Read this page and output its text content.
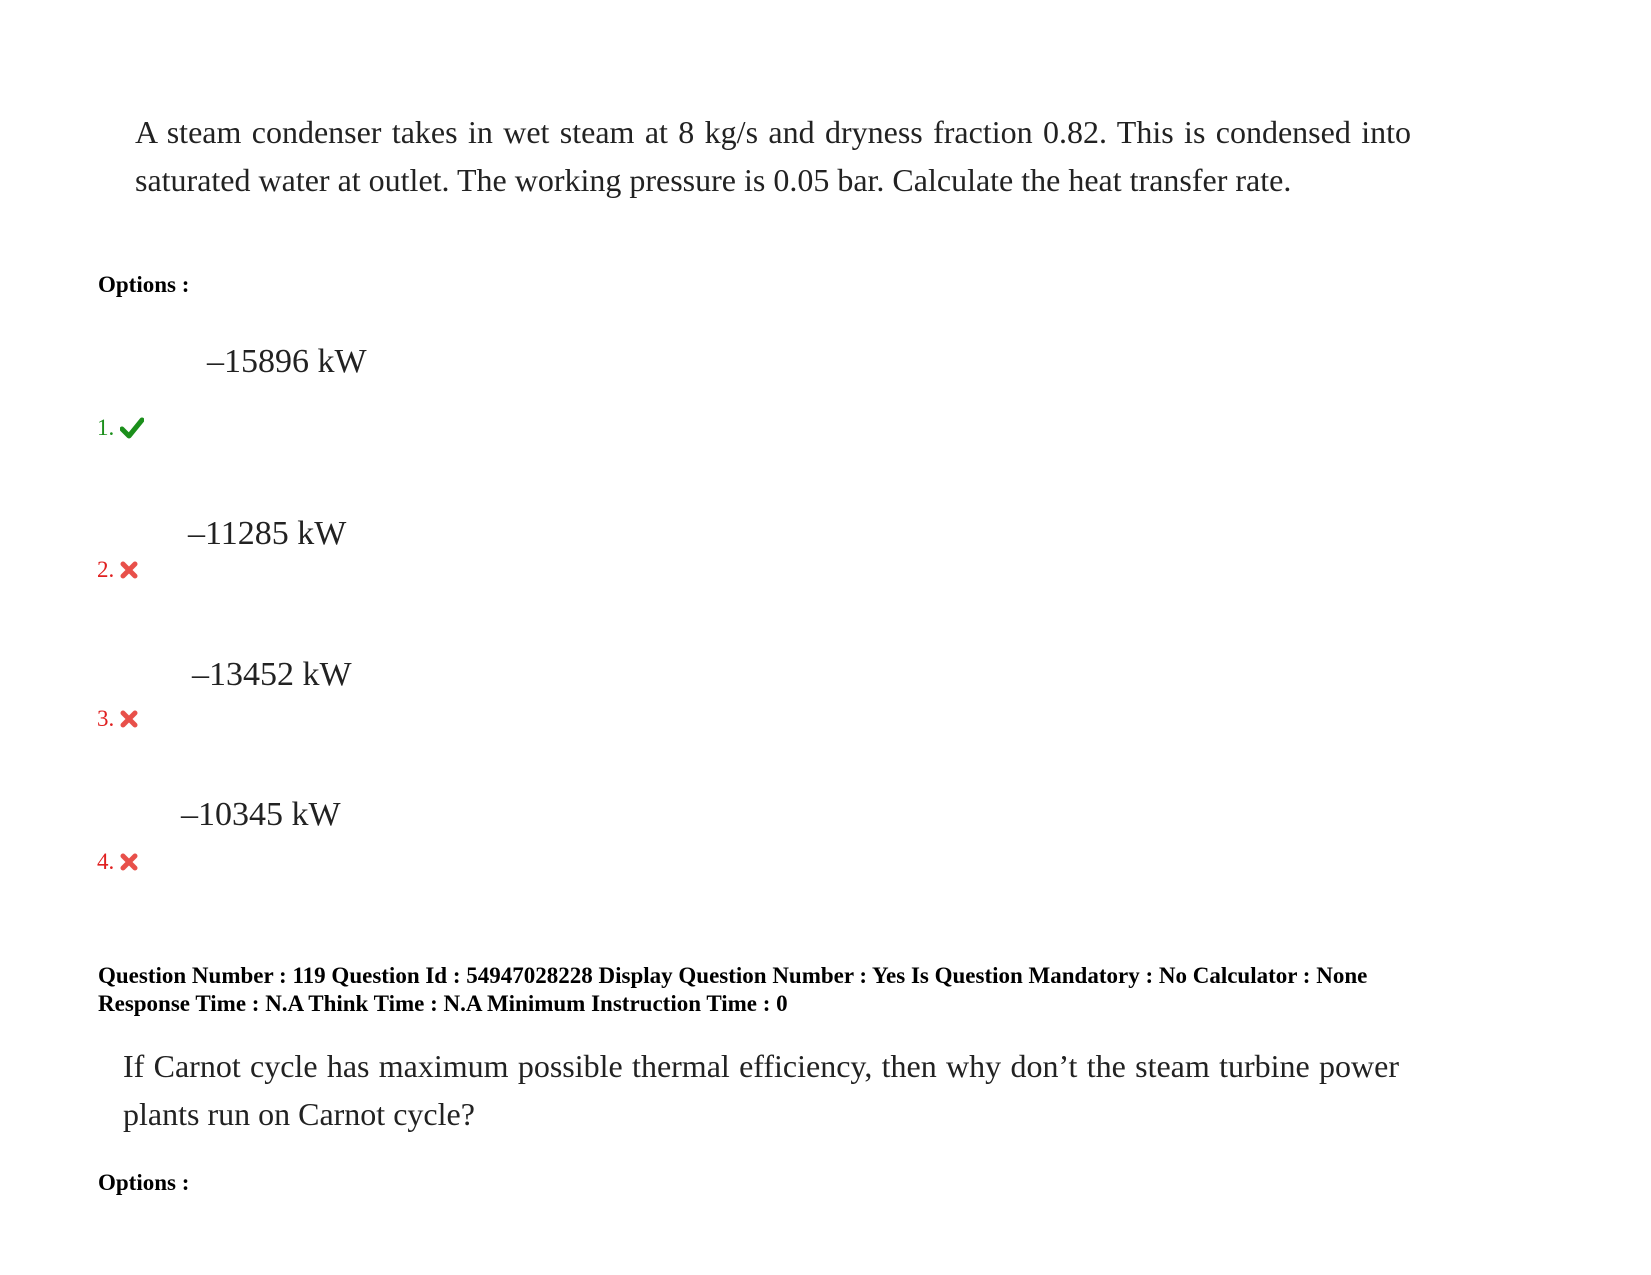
A steam condenser takes in wet steam at 8 kg/s and dryness fraction 0.82. This is condensed into saturated water at outlet. The working pressure is 0.05 bar. Calculate the heat transfer rate.

Options :
–15896 kW
1.
–11285 kW
2.
–13452 kW
3.
–10345 kW
4.
Question Number : 119 Question Id : 54947028228 Display Question Number : Yes Is Question Mandatory : No Calculator : None
Response Time : N.A Think Time : N.A Minimum Instruction Time : 0

If Carnot cycle has maximum possible thermal efficiency, then why don’t the steam turbine power plants run on Carnot cycle?

Options :
